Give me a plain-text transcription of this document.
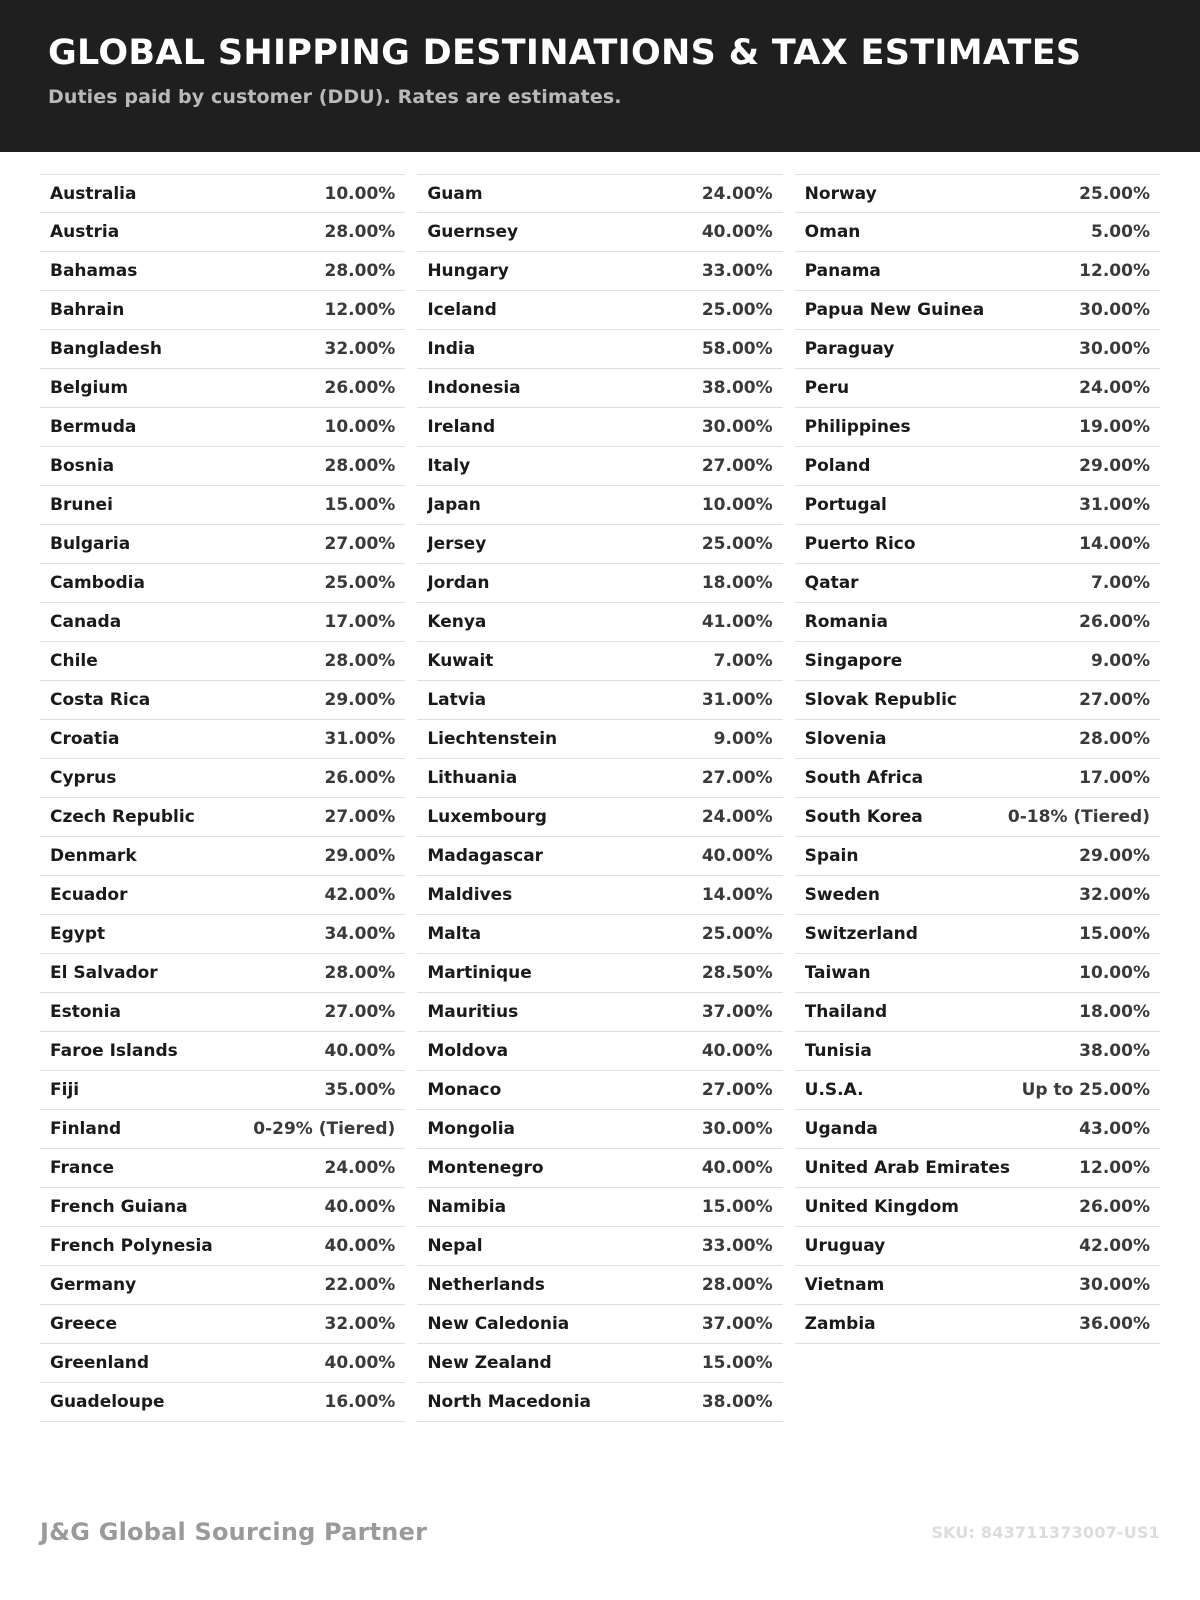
GLOBAL SHIPPING DESTINATIONS & TAX ESTIMATES
Duties paid by customer (DDU). Rates are estimates.
Australia	10.00%
Austria	28.00%
Bahamas	28.00%
Bahrain	12.00%
Bangladesh	32.00%
Belgium	26.00%
Bermuda	10.00%
Bosnia	28.00%
Brunei	15.00%
Bulgaria	27.00%
Cambodia	25.00%
Canada	17.00%
Chile	28.00%
Costa Rica	29.00%
Croatia	31.00%
Cyprus	26.00%
Czech Republic	27.00%
Denmark	29.00%
Ecuador	42.00%
Egypt	34.00%
El Salvador	28.00%
Estonia	27.00%
Faroe Islands	40.00%
Fiji	35.00%
Finland	0-29% (Tiered)
France	24.00%
French Guiana	40.00%
French Polynesia	40.00%
Germany	22.00%
Greece	32.00%
Greenland	40.00%
Guadeloupe	16.00%
Guam	24.00%
Guernsey	40.00%
Hungary	33.00%
Iceland	25.00%
India	58.00%
Indonesia	38.00%
Ireland	30.00%
Italy	27.00%
Japan	10.00%
Jersey	25.00%
Jordan	18.00%
Kenya	41.00%
Kuwait	7.00%
Latvia	31.00%
Liechtenstein	9.00%
Lithuania	27.00%
Luxembourg	24.00%
Madagascar	40.00%
Maldives	14.00%
Malta	25.00%
Martinique	28.50%
Mauritius	37.00%
Moldova	40.00%
Monaco	27.00%
Mongolia	30.00%
Montenegro	40.00%
Namibia	15.00%
Nepal	33.00%
Netherlands	28.00%
New Caledonia	37.00%
New Zealand	15.00%
North Macedonia	38.00%
Norway	25.00%
Oman	5.00%
Panama	12.00%
Papua New Guinea	30.00%
Paraguay	30.00%
Peru	24.00%
Philippines	19.00%
Poland	29.00%
Portugal	31.00%
Puerto Rico	14.00%
Qatar	7.00%
Romania	26.00%
Singapore	9.00%
Slovak Republic	27.00%
Slovenia	28.00%
South Africa	17.00%
South Korea	0-18% (Tiered)
Spain	29.00%
Sweden	32.00%
Switzerland	15.00%
Taiwan	10.00%
Thailand	18.00%
Tunisia	38.00%
U.S.A.	Up to 25.00%
Uganda	43.00%
United Arab Emirates	12.00%
United Kingdom	26.00%
Uruguay	42.00%
Vietnam	30.00%
Zambia	36.00%
J&G Global Sourcing Partner	SKU: 843711373007-US1
